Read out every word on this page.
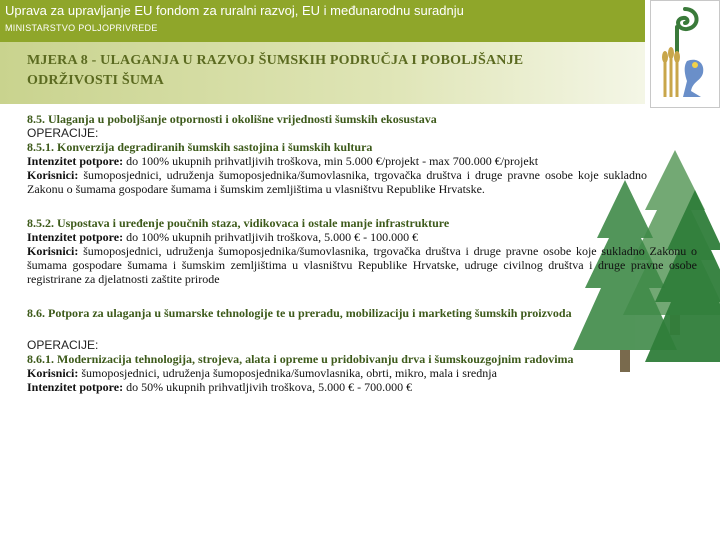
Uprava za upravljanje EU fondom za ruralni razvoj, EU i međunarodnu suradnju
MINISTARSTVO POLJOPRIVREDE
MJERA 8 - ULAGANJA U RAZVOJ ŠUMSKIH PODRUČJA I POBOLJŠANJE ODRŽIVOSTI ŠUMA
8.5. Ulaganja u poboljšanje otpornosti i okolišne vrijednosti šumskih ekosustava
OPERACIJE:
8.5.1. Konverzija degradiranih šumskih sastojina i šumskih kultura
Intenzitet potpore: do 100% ukupnih prihvatljivih troškova, min 5.000 €/projekt - max 700.000 €/projekt
Korisnici: šumoposjednici, udruženja šumoposjednika/šumovlasnika, trgovačka društva i druge pravne osobe koje sukladno Zakonu o šumama gospodare šumama i šumskim zemljištima u vlasništvu Republike Hrvatske.
8.5.2. Uspostava i uređenje poučnih staza, vidikovaca i ostale manje infrastrukture
Intenzitet potpore: do 100% ukupnih prihvatljivih troškova, 5.000 € - 100.000 €
Korisnici: šumoposjednici, udruženja šumoposjednika/šumovlasnika, trgovačka društva i druge pravne osobe koje sukladno Zakonu o šumama gospodare šumama i šumskim zemljištima u vlasništvu Republike Hrvatske, udruge civilnog društva i druge pravne osobe registrirane za djelatnosti zaštite prirode
8.6. Potpora za ulaganja u šumarske tehnologije te u preradu, mobilizaciju i marketing šumskih proizvoda
OPERACIJE:
8.6.1. Modernizacija tehnologija, strojeva, alata i opreme u pridobivanju drva i šumskouzgojnim radovima
Korisnici: šumoposjednici, udruženja šumoposjednika/šumovlasnika, obrti, mikro, mala i srednja
Intenzitet potpore: do 50% ukupnih prihvatljivih troškova, 5.000 € - 700.000 €
